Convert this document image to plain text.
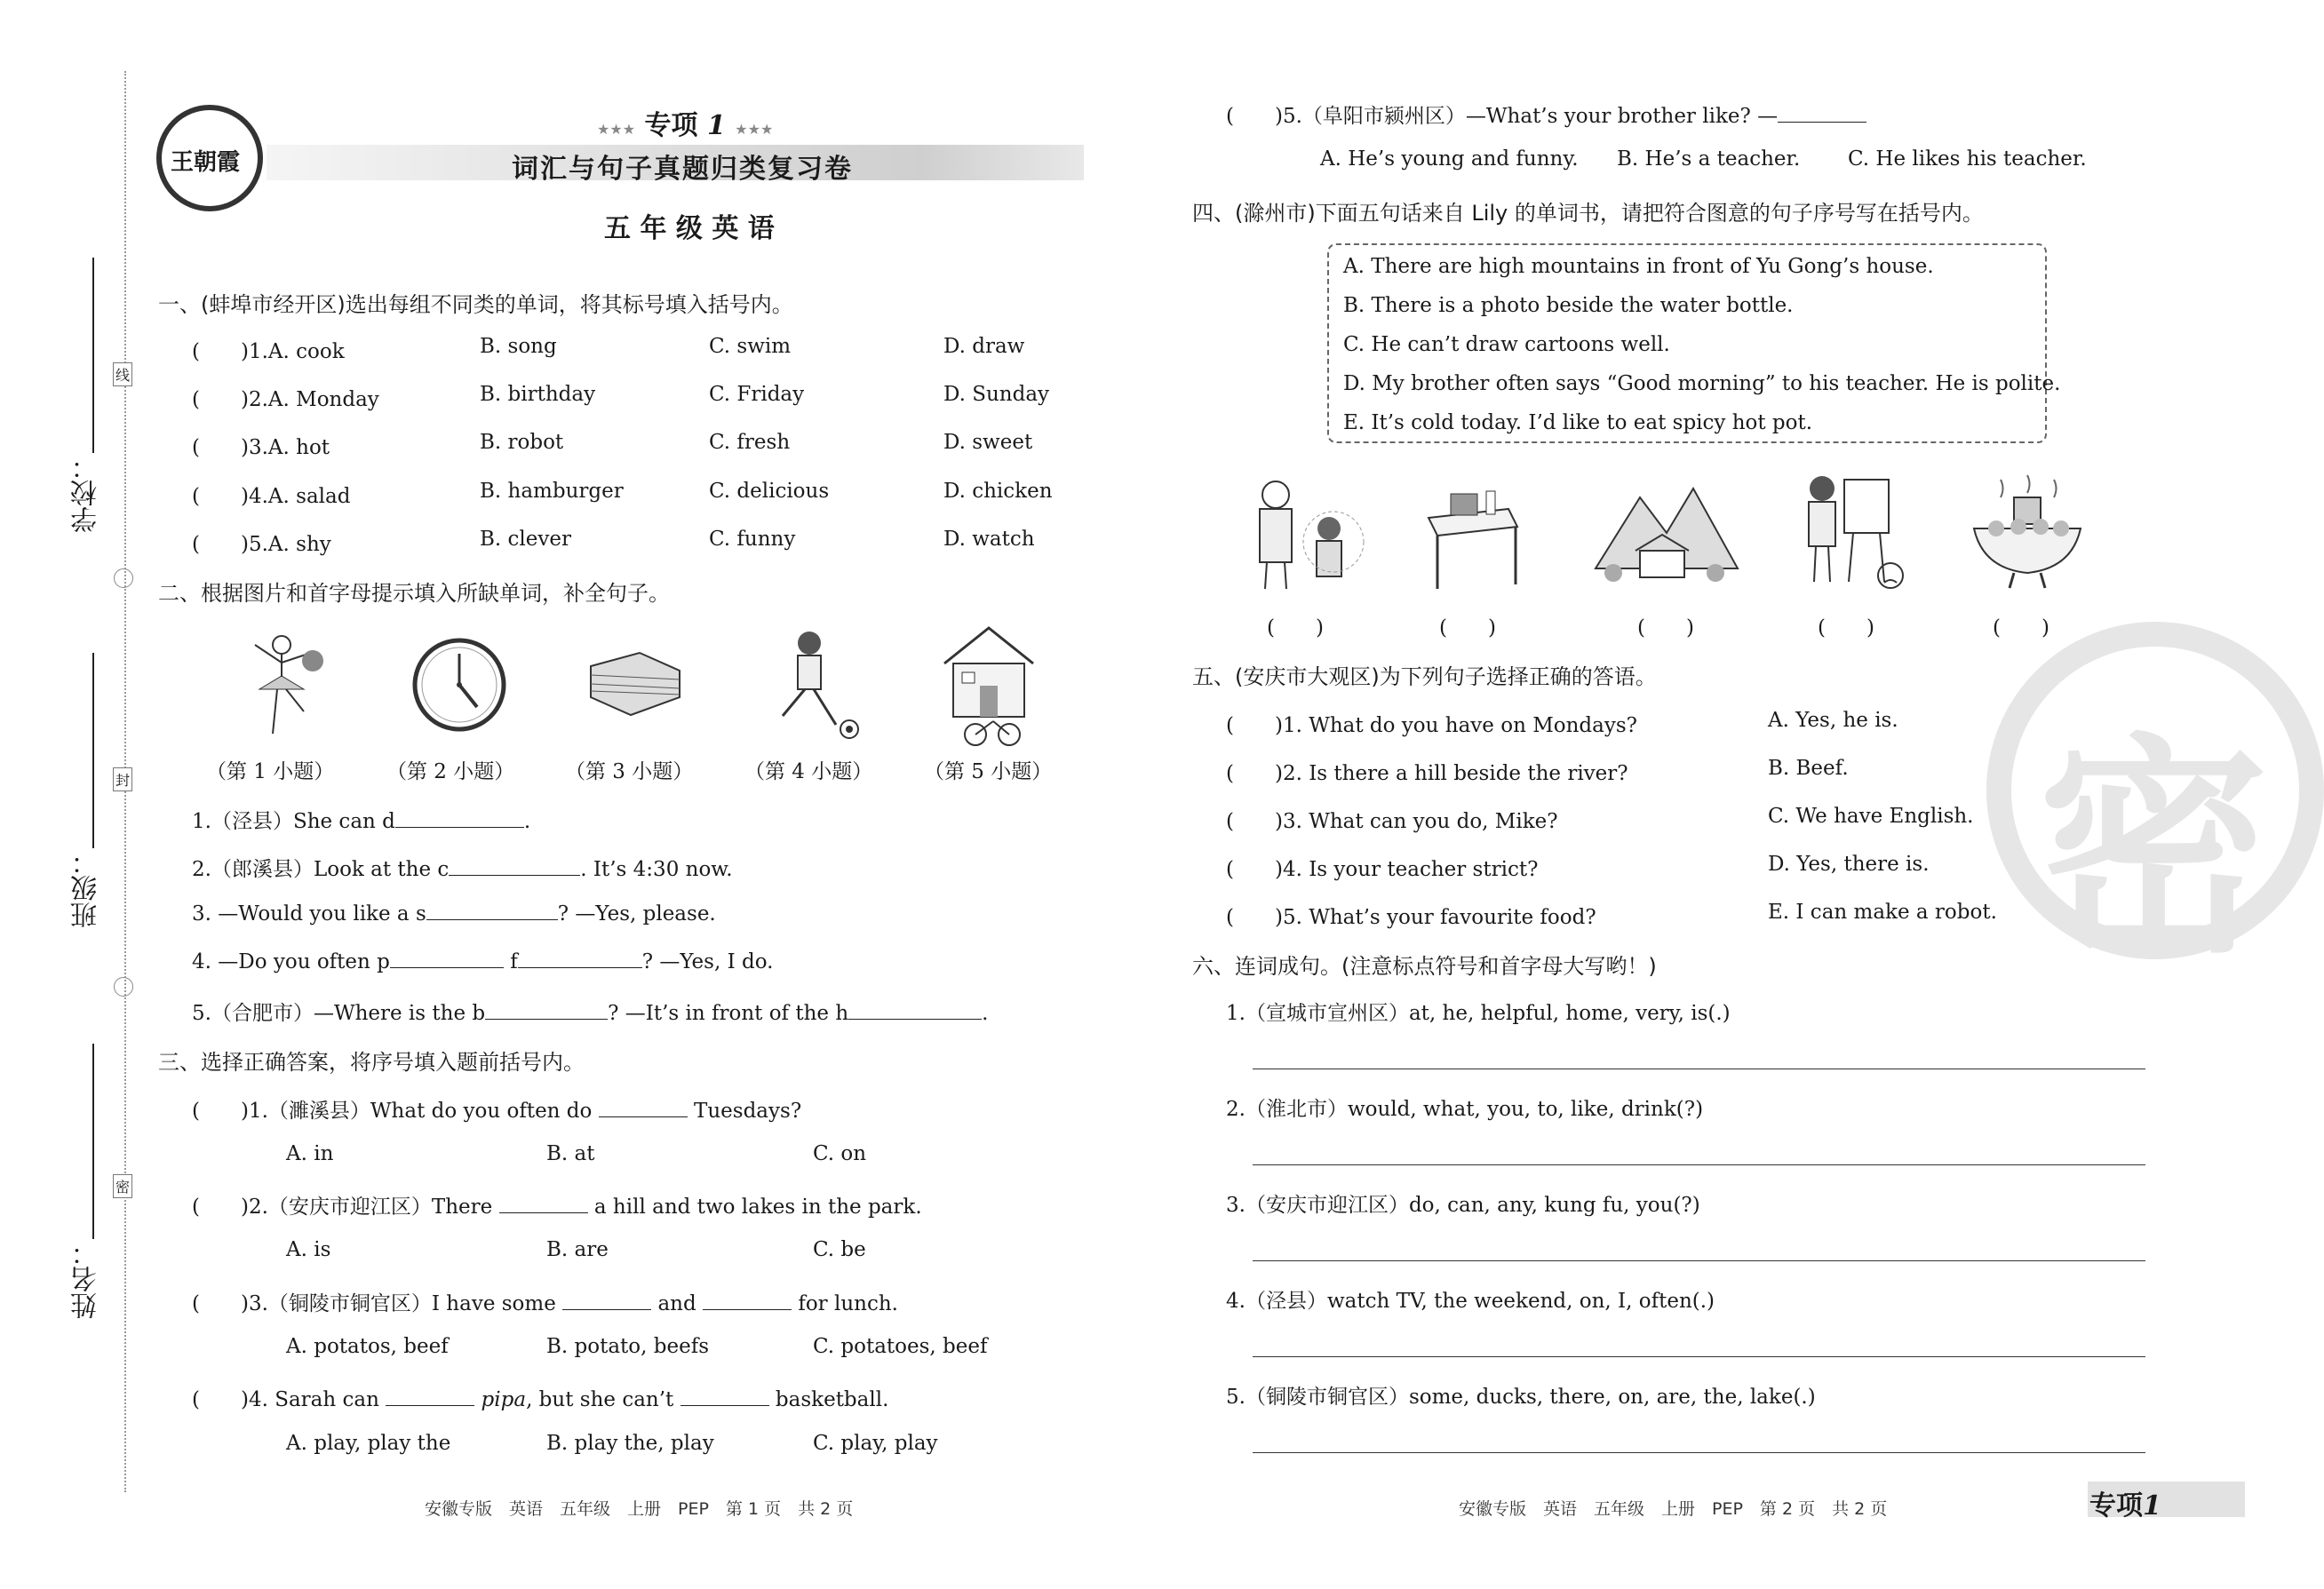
学校：
班级：
姓名：
线
封
密
王朝霞
★★★ 专项 1 ★★★
词汇与句子真题归类复习卷
五 年 级 英 语
一、(蚌埠市经开区)选出每组不同类的单词，将其标号填入括号内。
(　　)1.A. cook	B. song	C. swim	D. draw
(　　)2.A. Monday	B. birthday	C. Friday	D. Sunday
(　　)3.A. hot	B. robot	C. fresh	D. sweet
(　　)4.A. salad	B. hamburger	C. delicious	D. chicken
(　　)5.A. shy	B. clever	C. funny	D. watch
二、根据图片和首字母提示填入所缺单词，补全句子。
（第 1 小题）	（第 2 小题） （第 3 小题）	（第 4 小题）	（第 5 小题）
1.（泾县）She can d	.
2.（郎溪县）Look at the c	. It’s 4:30 now.
3. —Would you like a s	? —Yes, please.
4. —Do you often p	f	? —Yes, I do.
5.（合肥市）—Where is the b	? —It’s in front of the h	.
三、选择正确答案，将序号填入题前括号内。
(　　)1.（濉溪县）What do you often do	Tuesdays?
A. in	B. at	C. on
(　　)2.（安庆市迎江区）There	a hill and two lakes in the park.
A. is	B. are	C. be
(　　)3.（铜陵市铜官区）I have some	and	for lunch.
A. potatos, beef	B. potato, beefs	C. potatoes, beef
(　　)4. Sarah can	pipa, but she can’t	basketball.
A. play, play the	B. play the, play	C. play, play
(　　)5.（阜阳市颍州区）—What’s your brother like? —
A. He’s young and funny. B. He’s a teacher. C. He likes his teacher.
四、(滁州市)下面五句话来自 Lily 的单词书，请把符合图意的句子序号写在括号内。
A. There are high mountains in front of Yu Gong’s house.
B. There is a photo beside the water bottle.
C. He can’t draw cartoons well.
D. My brother often says “Good morning” to his teacher. He is polite.
E. It’s cold today. I’d like to eat spicy hot pot.
(　　)	(　　)	(　　)	(　　)	(　　)
五、(安庆市大观区)为下列句子选择正确的答语。
(　　)1. What do you have on Mondays?	A. Yes, he is.
(　　)2. Is there a hill beside the river?	B. Beef.
(　　)3. What can you do, Mike?	C. We have English.
(　　)4. Is your teacher strict?	D. Yes, there is.
(　　)5. What’s your favourite food?	E. I can make a robot.
六、连词成句。(注意标点符号和首字母大写哟！)
1.（宣城市宣州区）at, he, helpful, home, very, is(.)
2.（淮北市）would, what, you, to, like, drink(?)
3.（安庆市迎江区）do, can, any, kung fu, you(?)
4.（泾县）watch TV, the weekend, on, I, often(.)
5.（铜陵市铜官区）some, ducks, there, on, are, the, lake(.)
密
安徽专版　英语　五年级　上册　PEP　第 1 页　共 2 页	安徽专版　英语　五年级　上册　PEP　第 2 页　共 2 页	专项1
